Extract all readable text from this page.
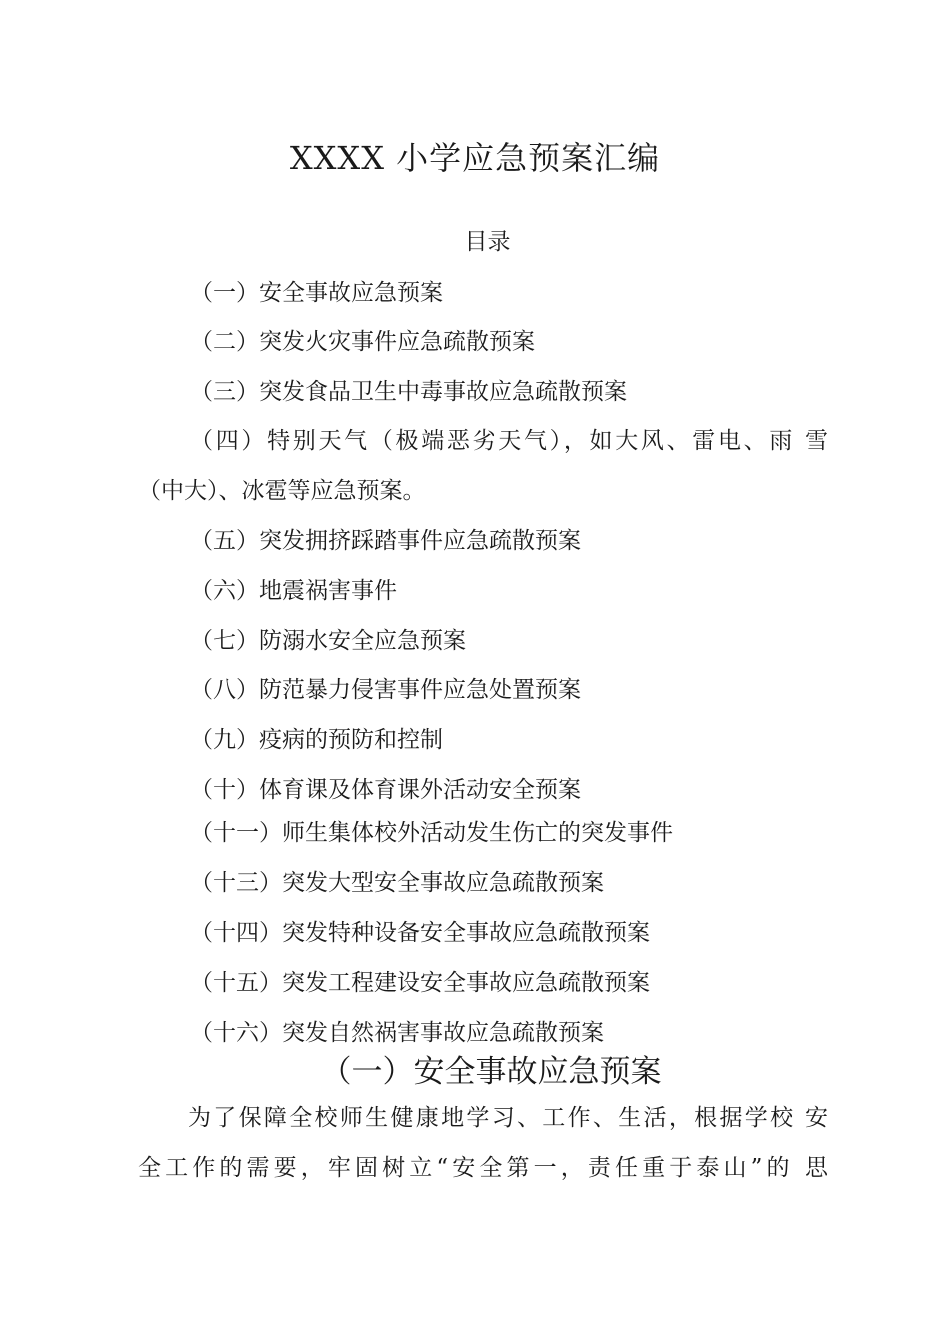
XXXX 小学应急预案汇编
目录
（一）安全事故应急预案
（二）突发火灾事件应急疏散预案
（三）突发食品卫生中毒事故应急疏散预案
（四）特别天气（极端恶劣天气），如大风、雷电、雨 雪
（中大）、冰雹等应急预案。
（五）突发拥挤踩踏事件应急疏散预案
（六）地震祸害事件
（七）防溺水安全应急预案
（八）防范暴力侵害事件应急处置预案
（九）疫病的预防和控制
（十）体育课及体育课外活动安全预案
（十一）师生集体校外活动发生伤亡的突发事件
（十三）突发大型安全事故应急疏散预案
（十四）突发特种设备安全事故应急疏散预案
（十五）突发工程建设安全事故应急疏散预案
（十六）突发自然祸害事故应急疏散预案
（一）安全事故应急预案
为了保障全校师生健康地学习、工作、生活，根据学校 安
全工作的需要，牢固树立“安全第一，责任重于泰山”的 思
